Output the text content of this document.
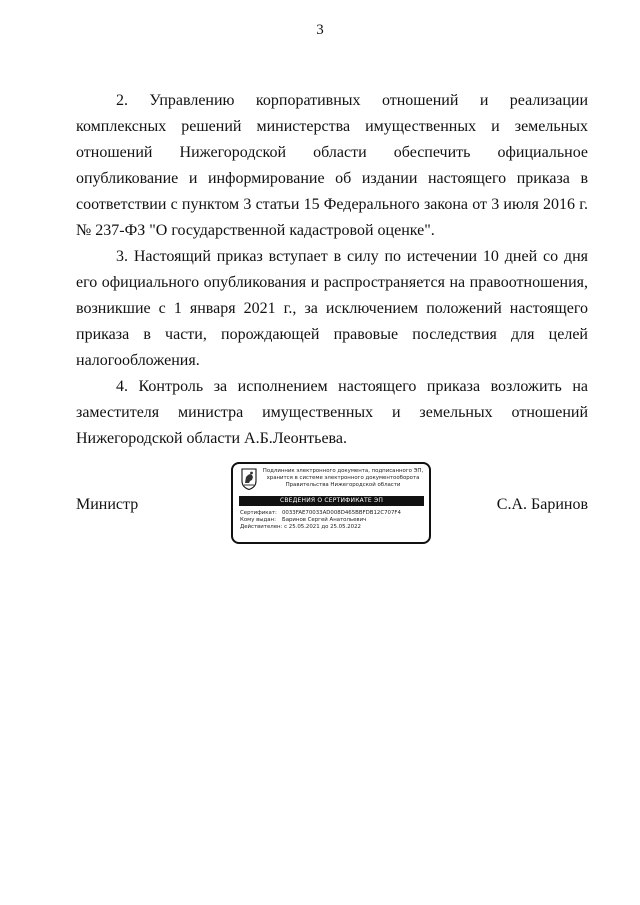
3

2. Управлению корпоративных отношений и реализации комплексных решений министерства имущественных и земельных отношений Нижегородской области обеспечить официальное опубликование и информирование об издании настоящего приказа в соответствии с пунктом 3 статьи 15 Федерального закона от 3 июля 2016 г. № 237-ФЗ "О государственной кадастровой оценке".

3. Настоящий приказ вступает в силу по истечении 10 дней со дня его официального опубликования и распространяется на правоотношения, возникшие с 1 января 2021 г., за исключением положений настоящего приказа в части, порождающей правовые последствия для целей налогообложения.

4. Контроль за исполнением настоящего приказа возложить на заместителя министра имущественных и земельных отношений

Нижегородской области А.Б.Леонтьева.

Министр
Подлинник электронного документа, подписанного ЭП,
хранится в системе электронного документооборота
Правительства Нижегородской области
СВЕДЕНИЯ О СЕРТИФИКАТЕ ЭП
Сертификат: 0033FAE70033AD008D465BBFDB12C707F4
Кому выдан: Баринов Сергей Анатольевич
Действителен: с 25.05.2021 до 25.05.2022
С.А. Баринов
